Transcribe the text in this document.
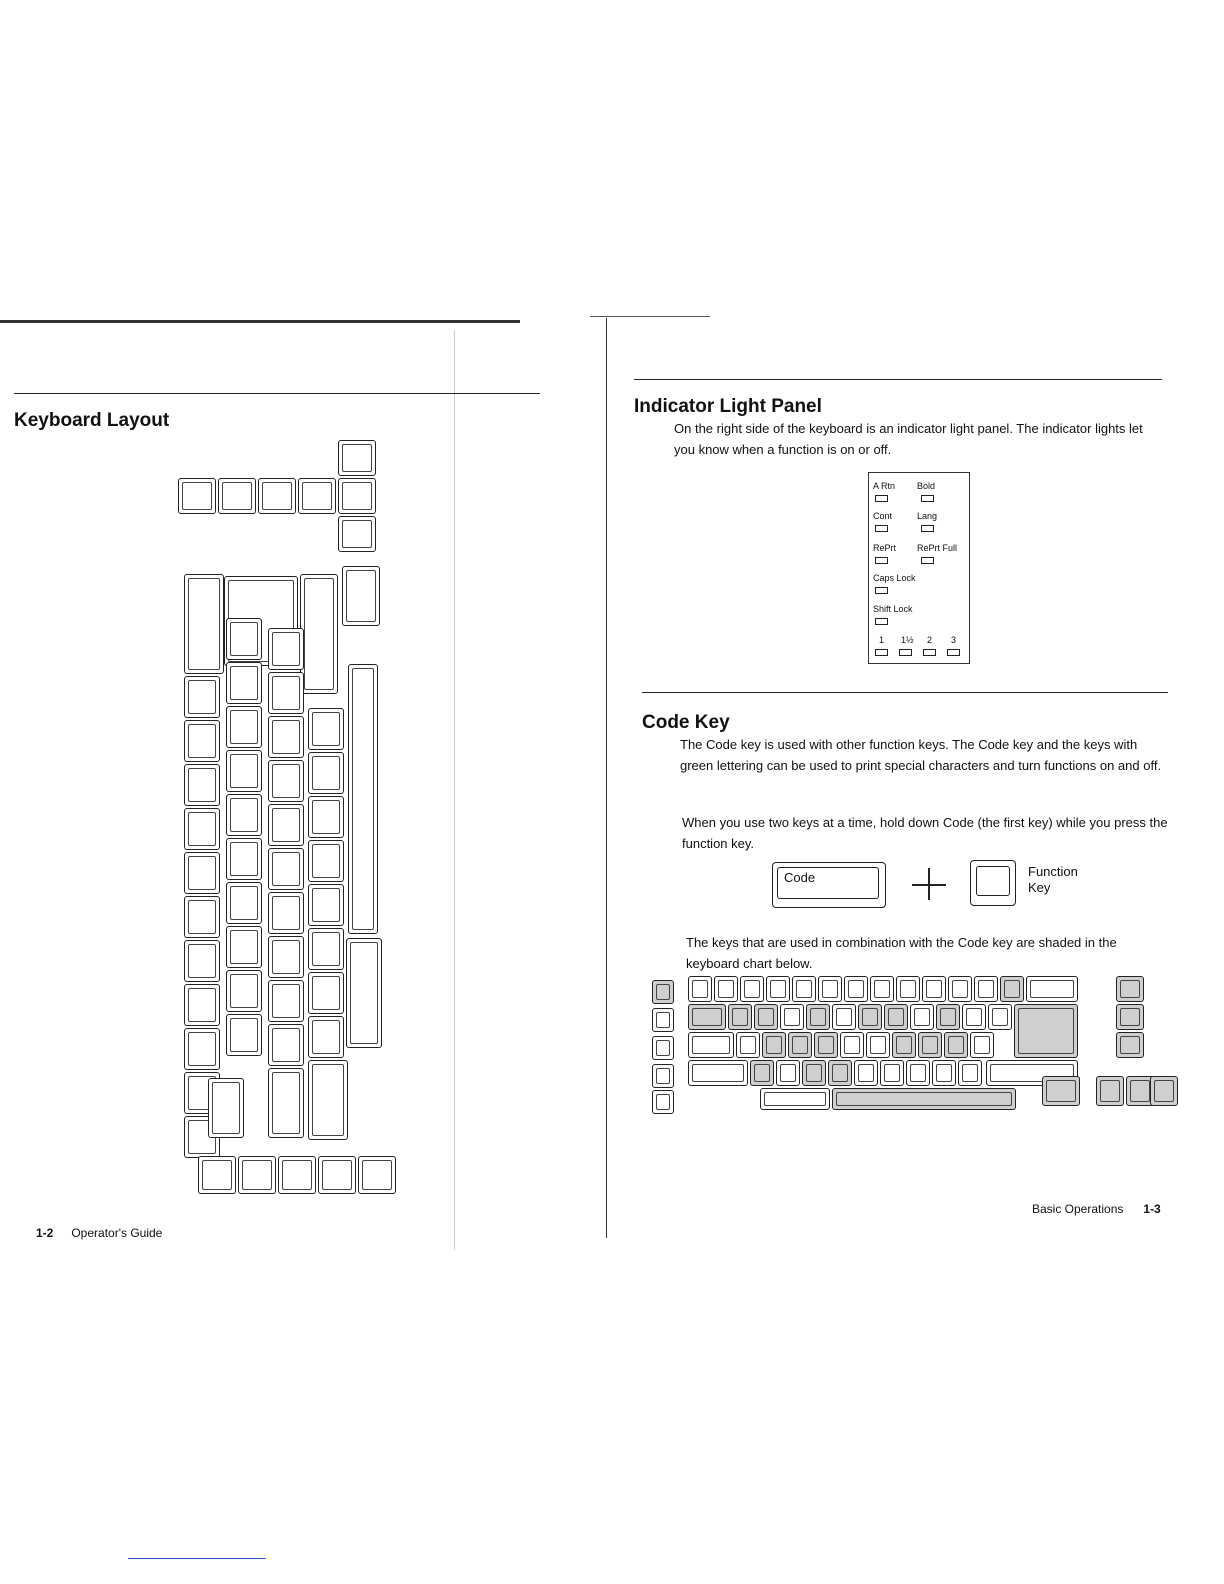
Keyboard Layout
1-2 Operator's Guide
Indicator Light Panel
On the right side of the keyboard is an indicator light panel. The indicator lights let you know when a function is on or off.
A Rtn Bold
Cont	Lang
RePrt RePrt Full
Caps Lock
Shift Lock
1 1½ 2 3
Code Key
The Code key is used with other function keys. The Code key and the keys with green lettering can be used to print special characters and turn functions on and off.
When you use two keys at a time, hold down Code (the first key) while you press the function key.
Code	Function
Key
The keys that are used in combination with the Code key are shaded in the keyboard chart below.
Basic Operations 1-3
